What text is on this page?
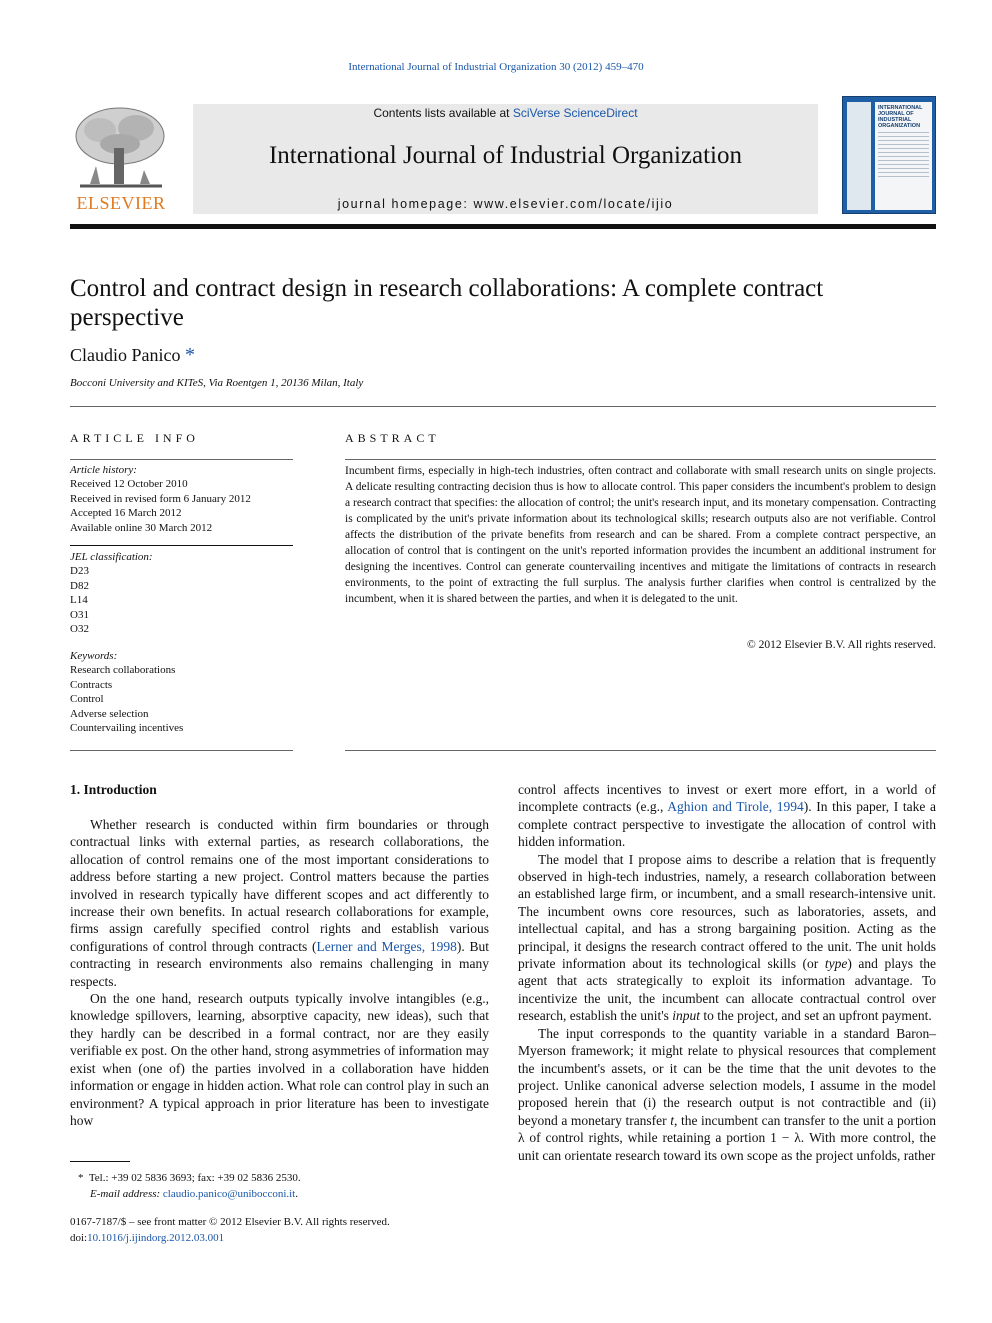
International Journal of Industrial Organization 30 (2012) 459–470
ELSEVIER
Contents lists available at SciVerse ScienceDirect
International Journal of Industrial Organization
journal homepage: www.elsevier.com/locate/ijio
INTERNATIONAL JOURNAL OF INDUSTRIAL ORGANIZATION
Control and contract design in research collaborations: A complete contract perspective
Claudio Panico *
Bocconi University and KITeS, Via Roentgen 1, 20136 Milan, Italy
ARTICLE INFO
Article history:
Received 12 October 2010
Received in revised form 6 January 2012
Accepted 16 March 2012
Available online 30 March 2012
JEL classification:
D23
D82
L14
O31
O32
Keywords:
Research collaborations
Contracts
Control
Adverse selection
Countervailing incentives
ABSTRACT
Incumbent firms, especially in high-tech industries, often contract and collaborate with small research units on single projects. A delicate resulting contracting decision thus is how to allocate control. This paper considers the incumbent's problem to design a research contract that specifies: the allocation of control; the unit's research input, and its monetary compensation. Contracting is complicated by the unit's private information about its technological skills; research outputs also are not verifiable. Control affects the distribution of the private benefits from research and can be shared. From a complete contract perspective, an allocation of control that is contingent on the unit's reported information provides the incumbent an additional instrument for designing the incentives. Control can generate countervailing incentives and mitigate the limitations of contracts in research environments, to the point of extracting the full surplus. The analysis further clarifies when control is centralized by the incumbent, when it is shared between the parties, and when it is delegated to the unit.
© 2012 Elsevier B.V. All rights reserved.
1. Introduction

Whether research is conducted within firm boundaries or through contractual links with external parties, as research collaborations, the allocation of control remains one of the most important considerations to address before starting a new project. Control matters because the parties involved in research typically have different scopes and act differently to increase their own benefits. In actual research collaborations for example, firms assign carefully specified control rights and establish various configurations of control through contracts (Lerner and Merges, 1998). But contracting in research environments also remains challenging in many respects.

On the one hand, research outputs typically involve intangibles (e.g., knowledge spillovers, learning, absorptive capacity, new ideas), such that they hardly can be described in a formal contract, nor are they easily verifiable ex post. On the other hand, strong asymmetries of information may exist when (one of) the parties involved in a collaboration have hidden information or engage in hidden action. What role can control play in such an environment? A typical approach in prior literature has been to investigate how

control affects incentives to invest or exert more effort, in a world of incomplete contracts (e.g., Aghion and Tirole, 1994). In this paper, I take a complete contract perspective to investigate the allocation of control with hidden information.

The model that I propose aims to describe a relation that is frequently observed in high-tech industries, namely, a research collaboration between an established large firm, or incumbent, and a small research-intensive unit. The incumbent owns core resources, such as laboratories, assets, and intellectual capital, and has a strong bargaining position. Acting as the principal, it designs the research contract offered to the unit. The unit holds private information about its technological skills (or type) and plays the agent that acts strategically to exploit its information advantage. To incentivize the unit, the incumbent can allocate contractual control over research, establish the unit's input to the project, and set an upfront payment.

The input corresponds to the quantity variable in a standard Baron–Myerson framework; it might relate to physical resources that complement the incumbent's assets, or it can be the time that the unit devotes to the project. Unlike canonical adverse selection models, I assume in the model proposed herein that (i) the research output is not contractible and (ii) beyond a monetary transfer t, the incumbent can transfer to the unit a portion λ of control rights, while retaining a portion 1 − λ. With more control, the unit can orientate research toward its own scope as the project unfolds, rather

* Tel.: +39 02 5836 3693; fax: +39 02 5836 2530.
E-mail address: claudio.panico@unibocconi.it.
0167-7187/$ – see front matter © 2012 Elsevier B.V. All rights reserved.
doi:10.1016/j.ijindorg.2012.03.001
